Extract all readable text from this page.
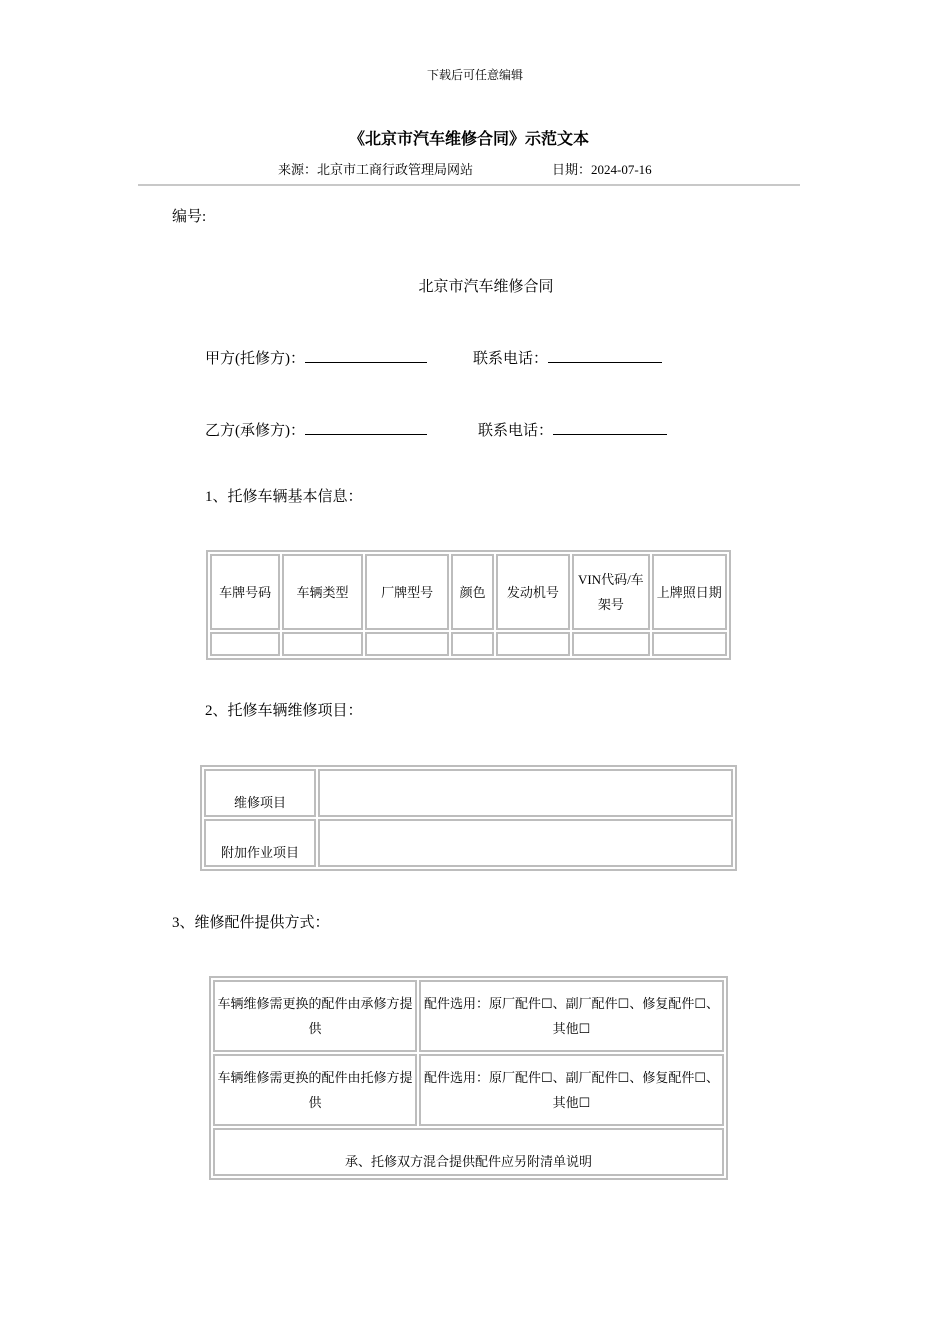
下载后可任意编辑
《北京市汽车维修合同》示范文本
来源：北京市工商行政管理局网站	日期：2024-07-16
编号:
北京市汽车维修合同
甲方(托修方)：	联系电话：
乙方(承修方)：	联系电话：
1、托修车辆基本信息：
车牌号码	车辆类型	厂牌型号	颜色	发动机号	VIN代码/车架号	上牌照日期

2、托修车辆维修项目：
维修项目	
附加作业项目	
3、维修配件提供方式：
车辆维修需更换的配件由承修方提供	配件选用：原厂配件☐、副厂配件☐、修复配件☐、其他☐
车辆维修需更换的配件由托修方提供	配件选用：原厂配件☐、副厂配件☐、修复配件☐、其他☐
承、托修双方混合提供配件应另附清单说明	
